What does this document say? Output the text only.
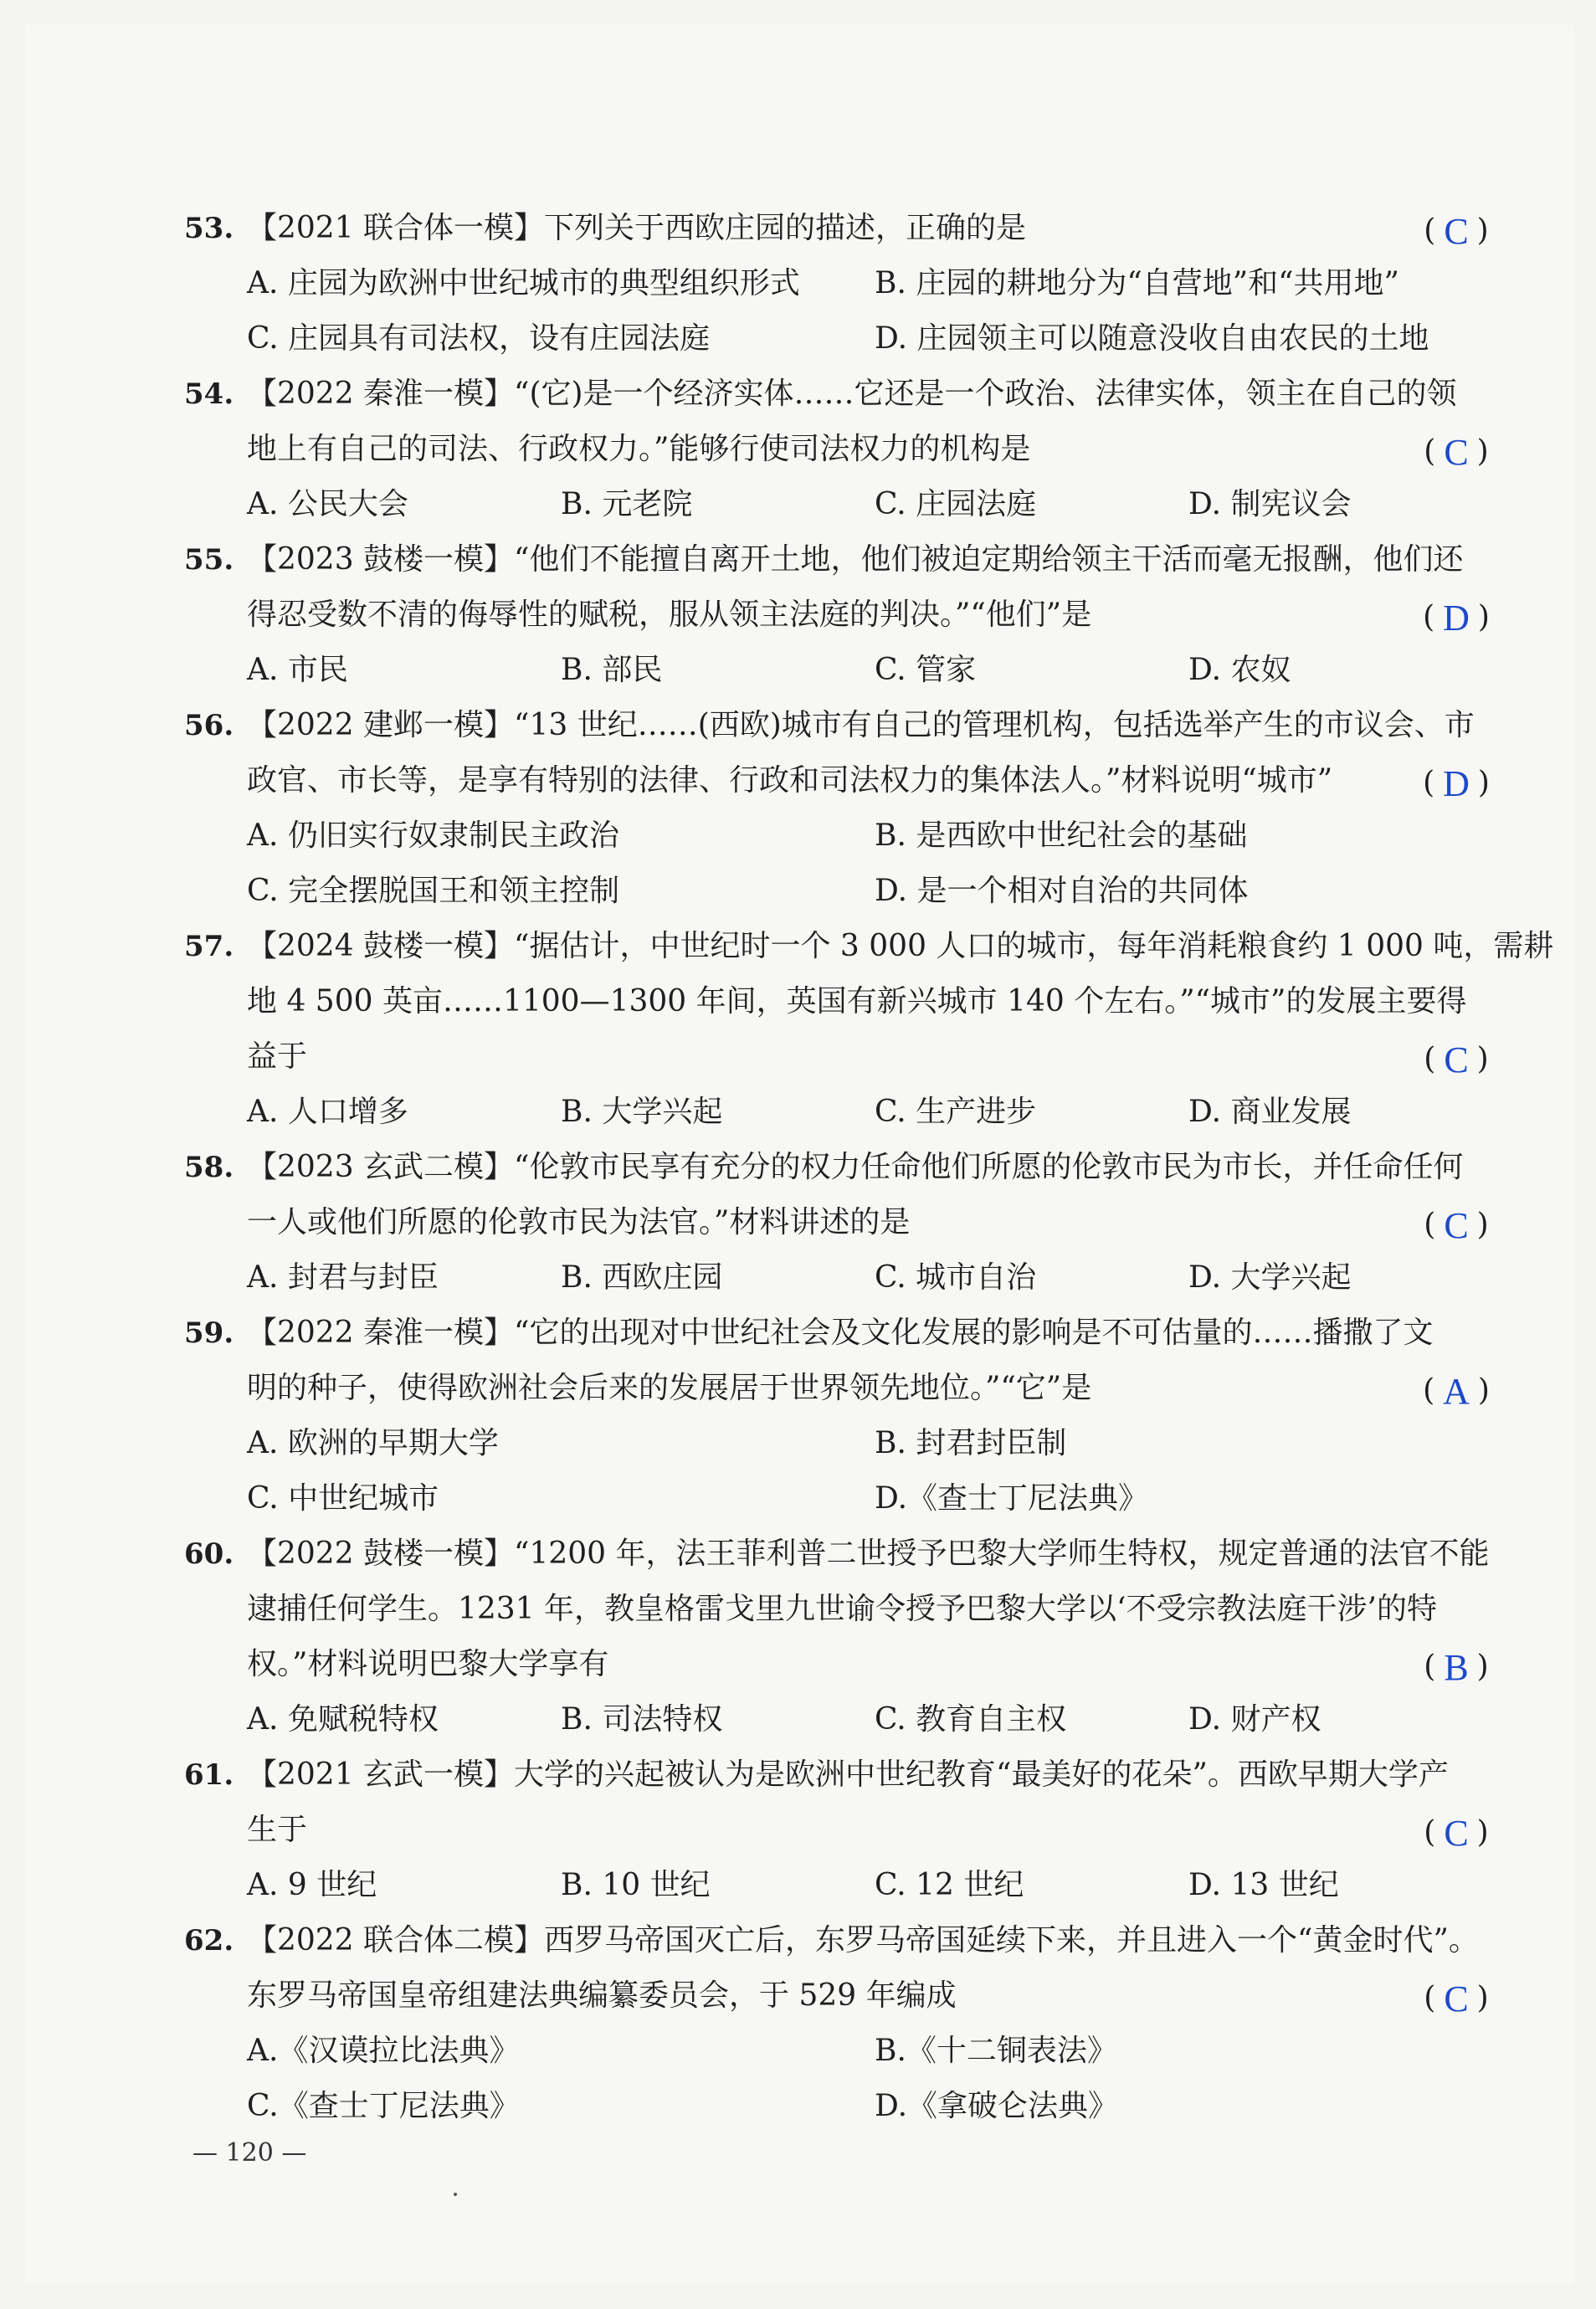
53. 【2021 联合体一模】下列关于西欧庄园的描述，正确的是	( C )
A. 庄园为欧洲中世纪城市的典型组织形式	B. 庄园的耕地分为“自营地”和“共用地”
C. 庄园具有司法权，设有庄园法庭	D. 庄园领主可以随意没收自由农民的土地
54. 【2022 秦淮一模】“(它)是一个经济实体……它还是一个政治、法律实体，领主在自己的领
地上有自己的司法、行政权力。”能够行使司法权力的机构是	( C )
A. 公民大会	B. 元老院	C. 庄园法庭	D. 制宪议会
55. 【2023 鼓楼一模】“他们不能擅自离开土地，他们被迫定期给领主干活而毫无报酬，他们还
得忍受数不清的侮辱性的赋税，服从领主法庭的判决。”“他们”是	( D )
A. 市民	B. 部民	C. 管家	D. 农奴
56. 【2022 建邺一模】“13 世纪……(西欧)城市有自己的管理机构，包括选举产生的市议会、市
政官、市长等，是享有特别的法律、行政和司法权力的集体法人。”材料说明“城市”	( D )
A. 仍旧实行奴隶制民主政治	B. 是西欧中世纪社会的基础
C. 完全摆脱国王和领主控制	D. 是一个相对自治的共同体
57. 【2024 鼓楼一模】“据估计，中世纪时一个 3 000 人口的城市，每年消耗粮食约 1 000 吨，需耕
地 4 500 英亩……1100—1300 年间，英国有新兴城市 140 个左右。”“城市”的发展主要得
益于	( C )
A. 人口增多	B. 大学兴起	C. 生产进步	D. 商业发展
58. 【2023 玄武二模】“伦敦市民享有充分的权力任命他们所愿的伦敦市民为市长，并任命任何
一人或他们所愿的伦敦市民为法官。”材料讲述的是	( C )
A. 封君与封臣	B. 西欧庄园	C. 城市自治	D. 大学兴起
59. 【2022 秦淮一模】“它的出现对中世纪社会及文化发展的影响是不可估量的……播撒了文
明的种子，使得欧洲社会后来的发展居于世界领先地位。”“它”是	( A )
A. 欧洲的早期大学	B. 封君封臣制
C. 中世纪城市	D.《查士丁尼法典》
60. 【2022 鼓楼一模】“1200 年，法王菲利普二世授予巴黎大学师生特权，规定普通的法官不能
逮捕任何学生。1231 年，教皇格雷戈里九世谕令授予巴黎大学以‘不受宗教法庭干涉’的特
权。”材料说明巴黎大学享有	( B )
A. 免赋税特权	B. 司法特权	C. 教育自主权	D. 财产权
61. 【2021 玄武一模】大学的兴起被认为是欧洲中世纪教育“最美好的花朵”。西欧早期大学产
生于	( C )
A. 9 世纪	B. 10 世纪	C. 12 世纪	D. 13 世纪
62. 【2022 联合体二模】西罗马帝国灭亡后，东罗马帝国延续下来，并且进入一个“黄金时代”。
东罗马帝国皇帝组建法典编纂委员会，于 529 年编成	( C )
A.《汉谟拉比法典》	B.《十二铜表法》
C.《查士丁尼法典》	D.《拿破仑法典》
— 120 —
